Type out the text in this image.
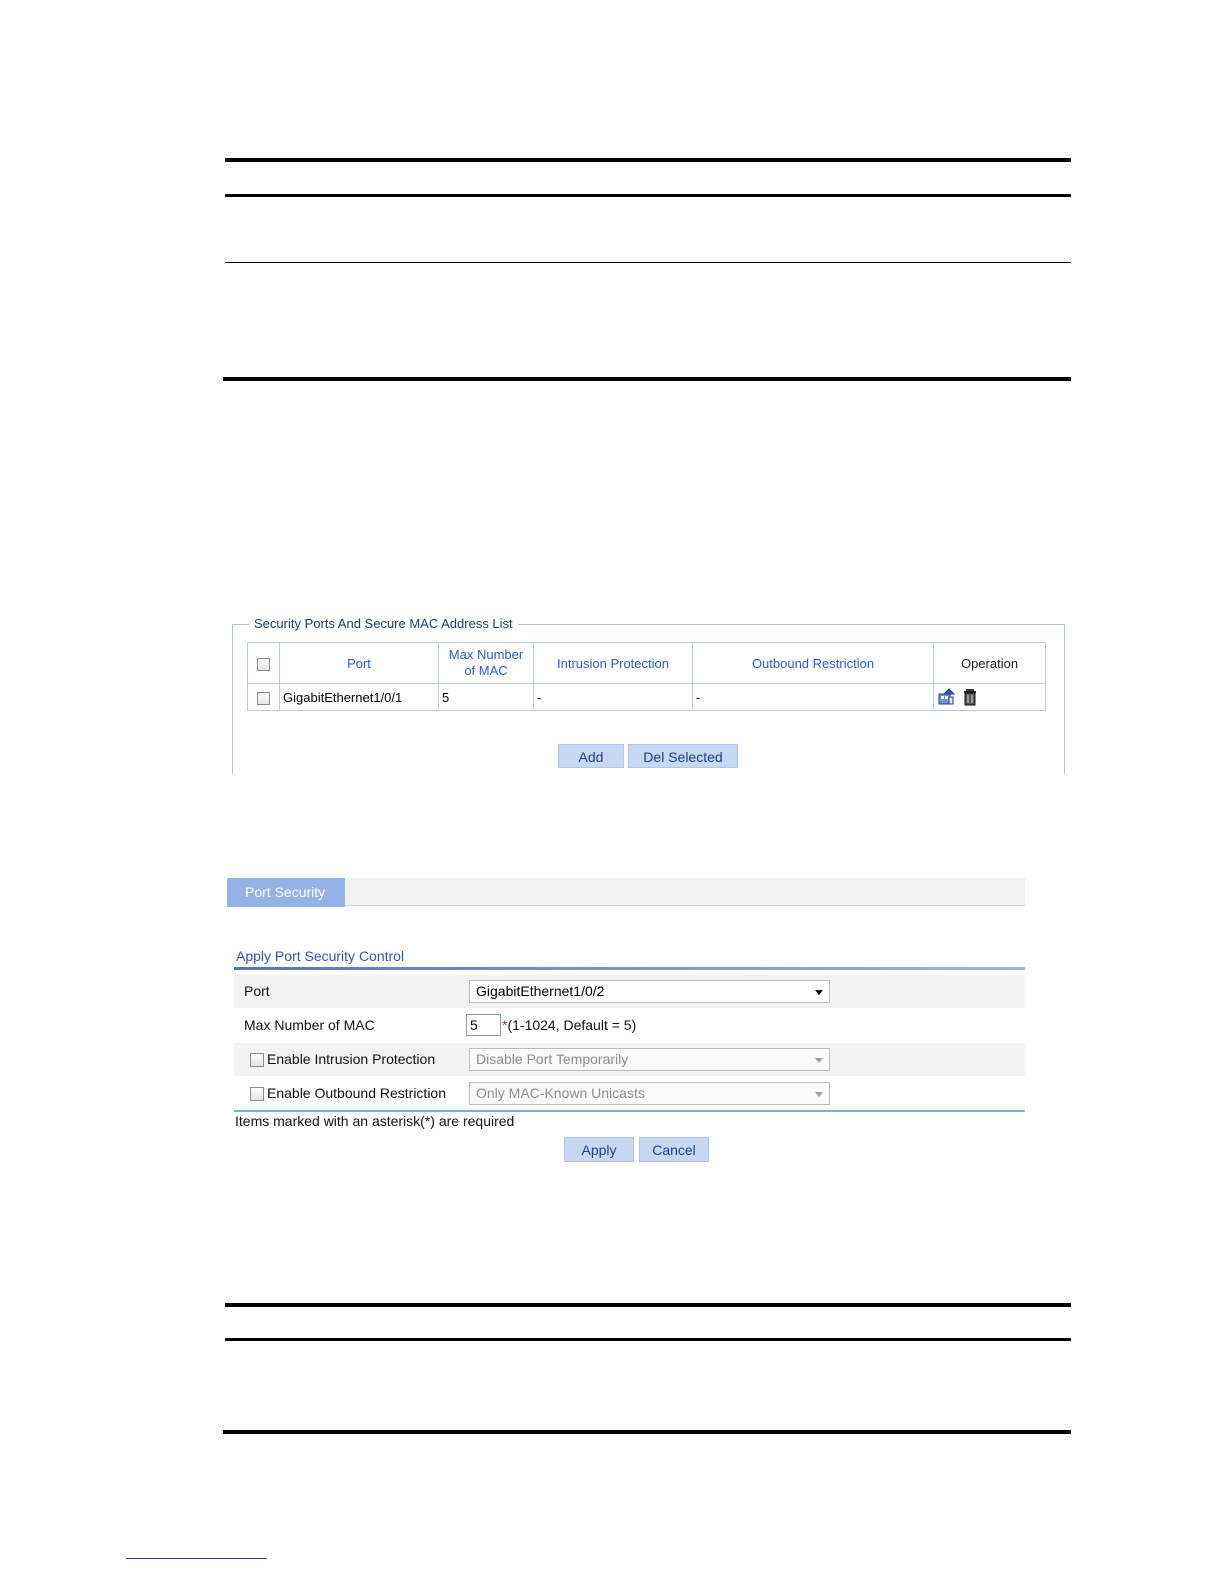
Security Ports And Secure MAC Address List
	Port	Max Number of MAC	Intrusion Protection	Outbound Restriction	Operation
	GigabitEthernet1/0/1	5	-	-	
Add	Del Selected
Port Security
Apply Port Security Control
Port	GigabitEthernet1/0/2
Max Number of MAC	5	*(1-1024, Default = 5)
Enable Intrusion Protection	Disable Port Temporarily
Enable Outbound Restriction	Only MAC-Known Unicasts
Items marked with an asterisk(*) are required
Apply	Cancel
